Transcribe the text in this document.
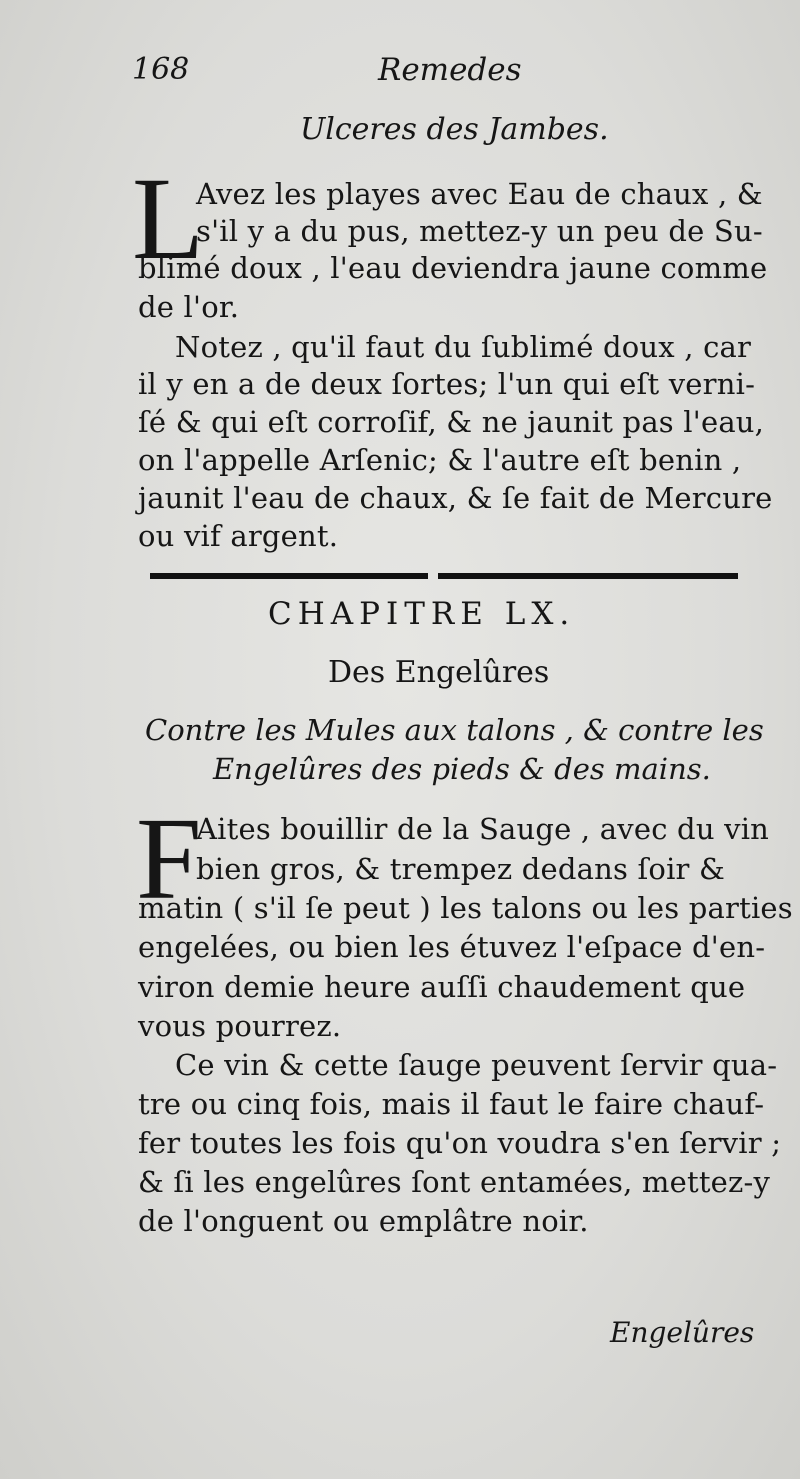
168	Remedes
Ulceres des Jambes.
L
Avez les playes avec Eau de chaux , &
s'il y a du pus, mettez-y un peu de Su-
blimé doux , l'eau deviendra jaune comme
de l'or.
Notez , qu'il faut du ſublimé doux , car
il y en a de deux ſortes; l'un qui eſt verni-
ſé & qui eſt corroſif, & ne jaunit pas l'eau,
on l'appelle Arſenic; & l'autre eſt benin ,
jaunit l'eau de chaux, & ſe fait de Mercure
ou vif argent.
CHAPITRE LX.
Des Engelûres
Contre les Mules aux talons , & contre les
Engelûres des pieds & des mains.
F
Aites bouillir de la Sauge , avec du vin
bien gros, & trempez dedans ſoir &
matin ( s'il ſe peut ) les talons ou les parties
engelées, ou bien les étuvez l'eſpace d'en-
viron demie heure auſſi chaudement que
vous pourrez.
Ce vin & cette ſauge peuvent ſervir qua-
tre ou cinq fois, mais il faut le faire chauf-
fer toutes les fois qu'on voudra s'en ſervir ;
& ſi les engelûres ſont entamées, mettez-y
de l'onguent ou emplâtre noir.
Engelûres
